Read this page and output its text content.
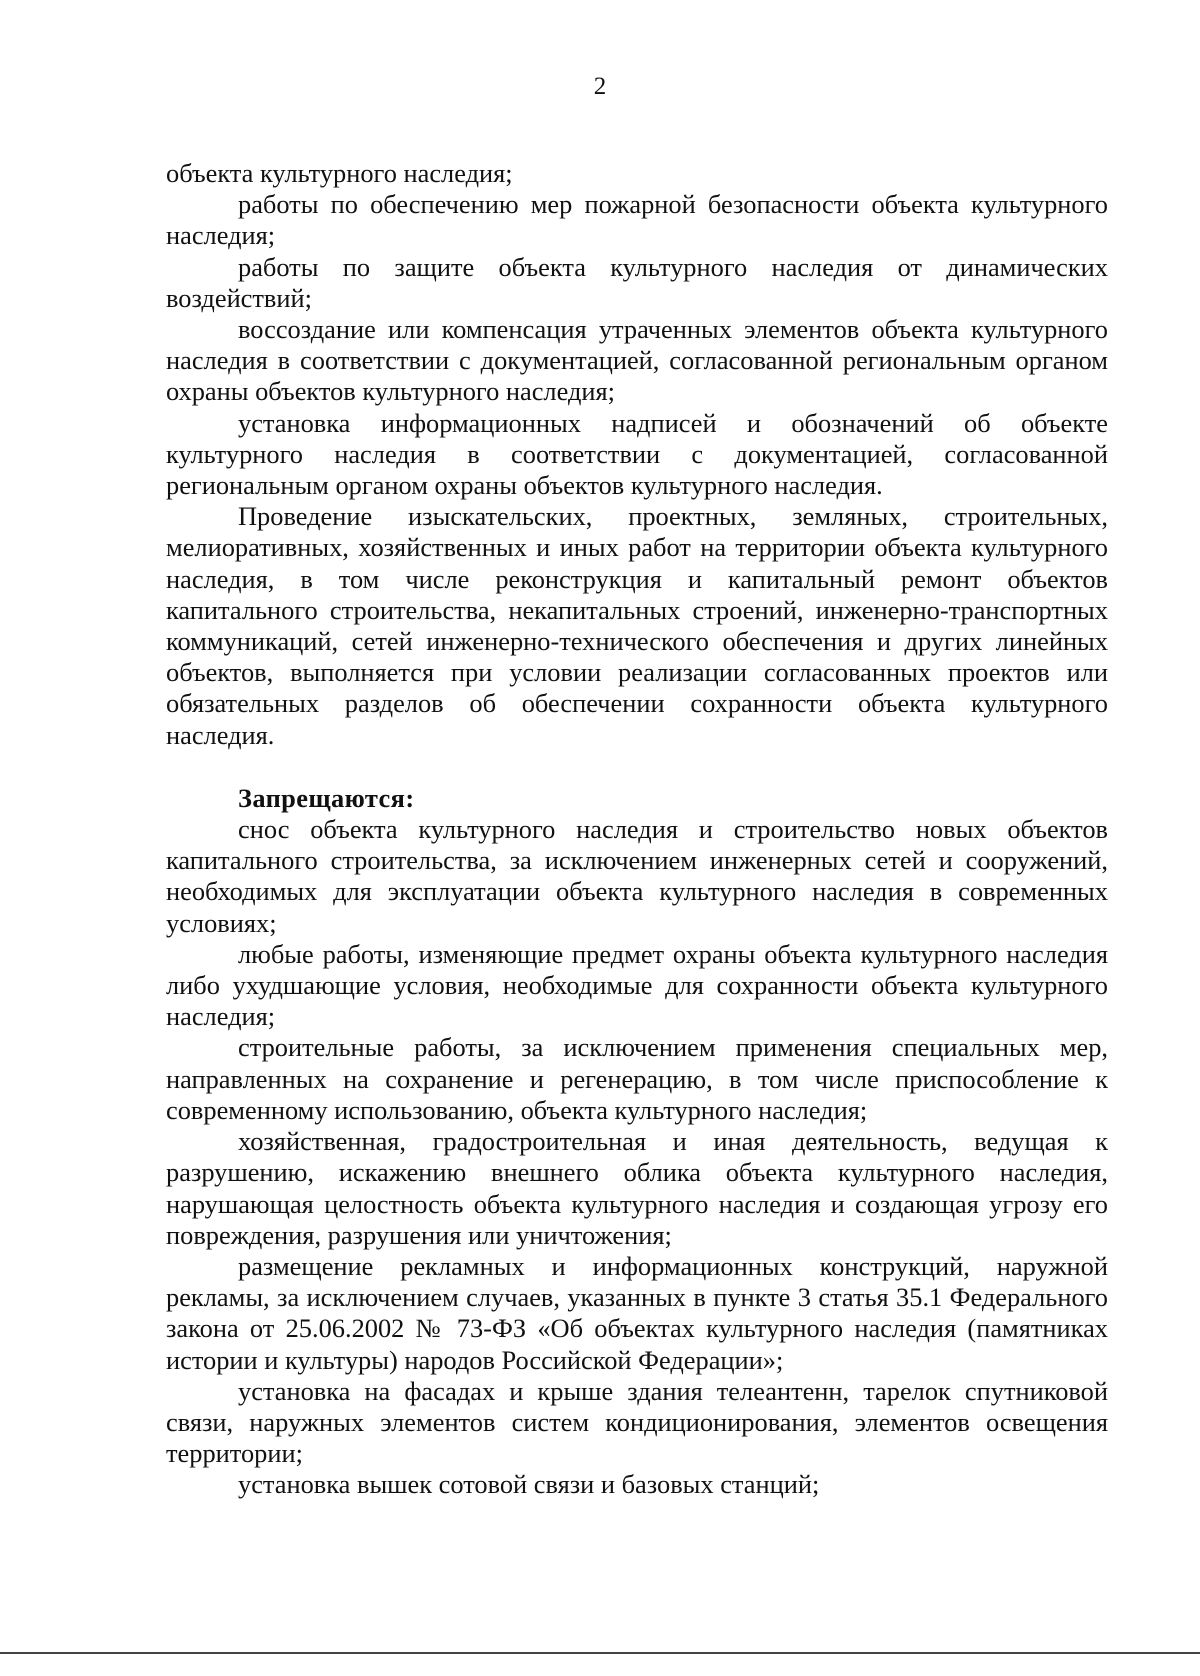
2

объекта культурного наследия;

работы по обеспечению мер пожарной безопасности объекта культурного наследия;

работы по защите объекта культурного наследия от динамических воздействий;

воссоздание или компенсация утраченных элементов объекта культурного наследия в соответствии с документацией, согласованной региональным органом охраны объектов культурного наследия;

установка информационных надписей и обозначений об объекте культурного наследия в соответствии с документацией, согласованной региональным органом охраны объектов культурного наследия.

Проведение изыскательских, проектных, земляных, строительных, мелиоративных, хозяйственных и иных работ на территории объекта культурного наследия, в том числе реконструкция и капитальный ремонт объектов капитального строительства, некапитальных строений, инженерно-транспортных коммуникаций, сетей инженерно-технического обеспечения и других линейных объектов, выполняется при условии реализации согласованных проектов или обязательных разделов об обеспечении сохранности объекта культурного наследия.

Запрещаются:

снос объекта культурного наследия и строительство новых объектов капитального строительства, за исключением инженерных сетей и сооружений, необходимых для эксплуатации объекта культурного наследия в современных условиях;

любые работы, изменяющие предмет охраны объекта культурного наследия либо ухудшающие условия, необходимые для сохранности объекта культурного наследия;

строительные работы, за исключением применения специальных мер, направленных на сохранение и регенерацию, в том числе приспособление к современному использованию, объекта культурного наследия;

хозяйственная, градостроительная и иная деятельность, ведущая к разрушению, искажению внешнего облика объекта культурного наследия, нарушающая целостность объекта культурного наследия и создающая угрозу его повреждения, разрушения или уничтожения;

размещение рекламных и информационных конструкций, наружной рекламы, за исключением случаев, указанных в пункте 3 статья 35.1 Федерального закона от 25.06.2002 № 73-ФЗ «Об объектах культурного наследия (памятниках истории и культуры) народов Российской Федерации»;

установка на фасадах и крыше здания телеантенн, тарелок спутниковой связи, наружных элементов систем кондиционирования, элементов освещения территории;

установка вышек сотовой связи и базовых станций;
